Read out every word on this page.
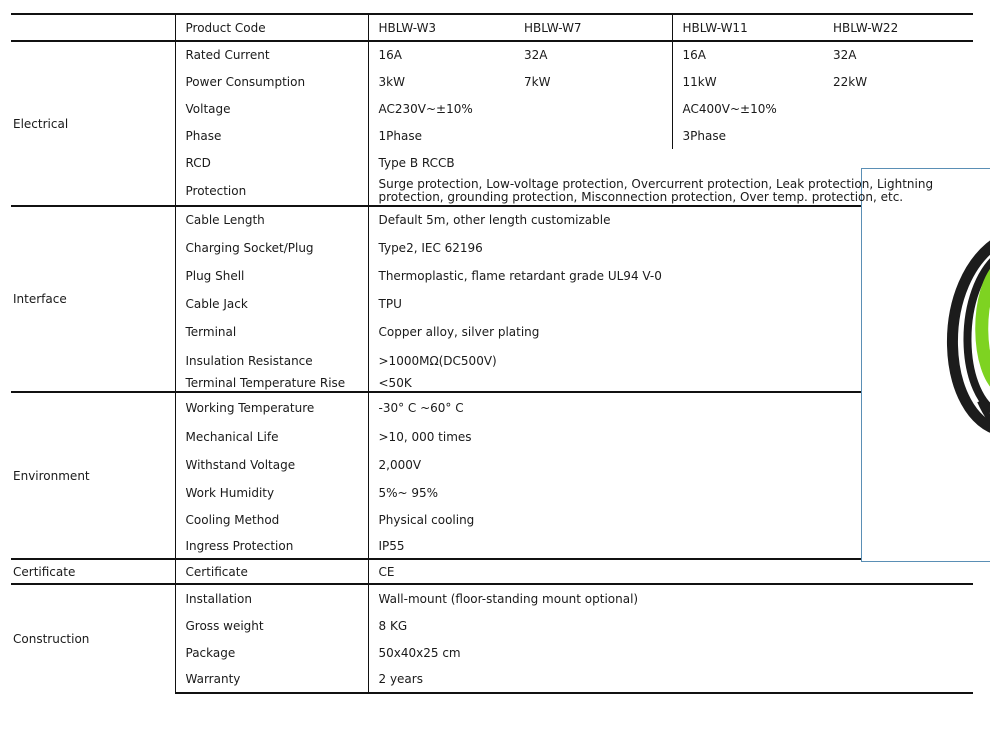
	Product Code	HBLW-W3	HBLW-W7	HBLW-W11	HBLW-W22
Electrical	Rated Current	16A	32A	16A	32A
	Power Consumption	3kW	7kW	11kW	22kW
	Voltage	AC230V~±10%		AC400V~±10%	
	Phase	1Phase		3Phase	
	RCD	Type B RCCB			
	Protection	Surge protection, Low-voltage protection, Overcurrent protection, Leak protection, Lightning protection, grounding protection, Misconnection protection, Over temp. protection, etc.			
Interface	Cable Length	Default 5m, other length customizable			
	Charging Socket/Plug	Type2, IEC 62196			
	Plug Shell	Thermoplastic, flame retardant grade UL94 V-0			
	Cable Jack	TPU			
	Terminal	Copper alloy, silver plating			
	Insulation Resistance	>1000MΩ(DC500V)			
	Terminal Temperature Rise	<50K			
Environment	Working Temperature	-30° C ~60° C			
	Mechanical Life	>10, 000 times			
	Withstand Voltage	2,000V			
	Work Humidity	5%~ 95%			
	Cooling Method	Physical cooling			
	Ingress Protection	IP55			
Certificate	Certificate	CE			
Construction	Installation	Wall-mount (floor-standing mount optional)			
	Gross weight	8 KG			
	Package	50x40x25 cm			
	Warranty	2 years			
